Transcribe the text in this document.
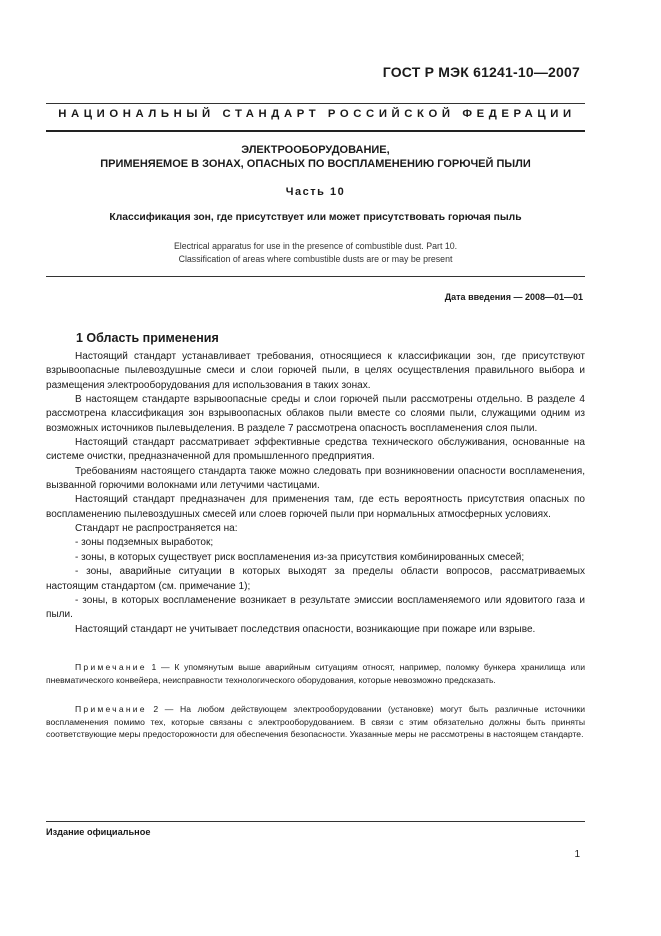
ГОСТ Р МЭК 61241-10—2007
НАЦИОНАЛЬНЫЙ СТАНДАРТ РОССИЙСКОЙ ФЕДЕРАЦИИ
ЭЛЕКТРООБОРУДОВАНИЕ,
ПРИМЕНЯЕМОЕ В ЗОНАХ, ОПАСНЫХ ПО ВОСПЛАМЕНЕНИЮ ГОРЮЧЕЙ ПЫЛИ
Часть 10
Классификация зон, где присутствует или может присутствовать горючая пыль
Electrical apparatus for use in the presence of combustible dust. Part 10.
Classification of areas where combustible dusts are or may be present
Дата введения — 2008—01—01
1 Область применения

Настоящий стандарт устанавливает требования, относящиеся к классификации зон, где присутствуют взрывоопасные пылевоздушные смеси и слои горючей пыли, в целях осуществления правильного выбора и размещения электрооборудования для использования в таких зонах.

В настоящем стандарте взрывоопасные среды и слои горючей пыли рассмотрены отдельно. В разделе 4 рассмотрена классификация зон взрывоопасных облаков пыли вместе со слоями пыли, служащими одним из возможных источников пылевыделения. В разделе 7 рассмотрена опасность воспламенения слоя пыли.

Настоящий стандарт рассматривает эффективные средства технического обслуживания, основанные на системе очистки, предназначенной для промышленного предприятия.

Требованиям настоящего стандарта также можно следовать при возникновении опасности воспламенения, вызванной горючими волокнами или летучими частицами.

Настоящий стандарт предназначен для применения там, где есть вероятность присутствия опасных по воспламенению пылевоздушных смесей или слоев горючей пыли при нормальных атмосферных условиях.

Стандарт не распространяется на:

- зоны подземных выработок;

- зоны, в которых существует риск воспламенения из-за присутствия комбинированных смесей;

- зоны, аварийные ситуации в которых выходят за пределы области вопросов, рассматриваемых настоящим стандартом (см. примечание 1);

- зоны, в которых воспламенение возникает в результате эмиссии воспламеняемого или ядовитого газа и пыли.

Настоящий стандарт не учитывает последствия опасности, возникающие при пожаре или взрыве.

Примечание 1 — К упомянутым выше аварийным ситуациям относят, например, поломку бункера хранилища или пневматического конвейера, неисправности технологического оборудования, которые невозможно предсказать.

Примечание 2 — На любом действующем электрооборудовании (установке) могут быть различные источники воспламенения помимо тех, которые связаны с электрооборудованием. В связи с этим обязательно должны быть приняты соответствующие меры предосторожности для обеспечения безопасности. Указанные меры не рассмотрены в настоящем стандарте.

Издание официальное
1
